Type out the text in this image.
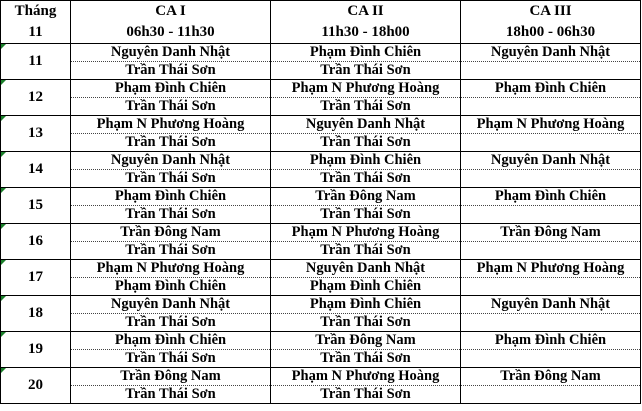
Tháng	CA I	CA II	CA III
11	06h30 - 11h30	11h30 - 18h00	18h00 - 06h30

11	Nguyên Danh Nhật	Phạm Đình Chiên	Nguyên Danh Nhật
	Trần Thái Sơn	Trần Thái Sơn	

12	Phạm Đình Chiên	Phạm N Phương Hoàng	Phạm Đình Chiên
	Trần Thái Sơn	Trần Thái Sơn	

13	Phạm N Phương Hoàng	Nguyên Danh Nhật	Phạm N Phương Hoàng
	Trần Thái Sơn	Trần Thái Sơn	

14	Nguyên Danh Nhật	Phạm Đình Chiên	Nguyên Danh Nhật
	Trần Thái Sơn	Trần Thái Sơn	

15	Phạm Đình Chiên	Trần Đông Nam	Phạm Đình Chiên
	Trần Thái Sơn	Trần Thái Sơn	

16	Trần Đông Nam	Phạm N Phương Hoàng	Trần Đông Nam
	Trần Thái Sơn	Trần Thái Sơn	

17	Phạm N Phương Hoàng	Nguyên Danh Nhật	Phạm N Phương Hoàng
	Phạm Đình Chiên	Phạm Đình Chiên	

18	Nguyên Danh Nhật	Phạm Đình Chiên	Nguyên Danh Nhật
	Trần Thái Sơn	Trần Thái Sơn	

19	Phạm Đình Chiên	Trần Đông Nam	Phạm Đình Chiên
	Trần Thái Sơn	Trần Thái Sơn	

20	Trần Đông Nam	Phạm N Phương Hoàng	Trần Đông Nam
	Trần Thái Sơn	Trần Thái Sơn	
